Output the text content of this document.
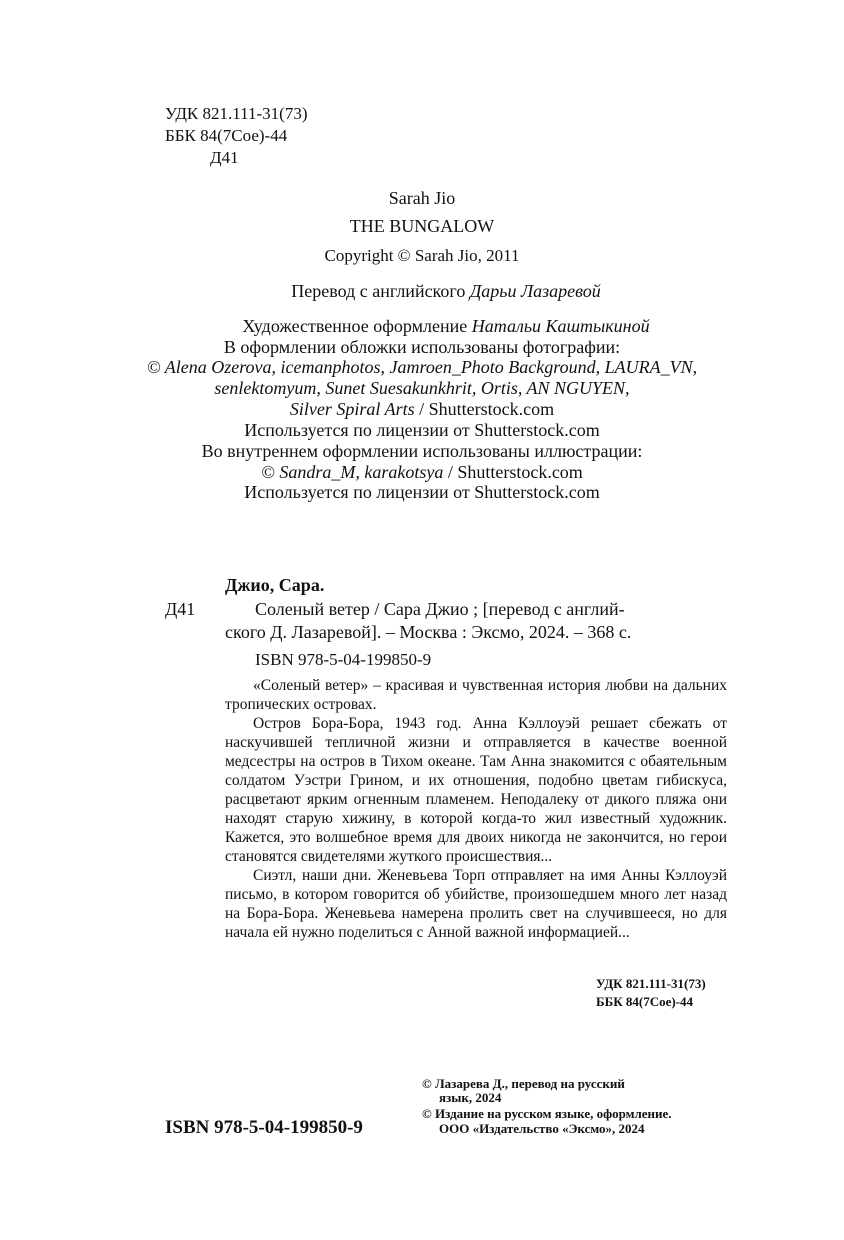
УДК 821.111-31(73)
ББК 84(7Сое)-44
Д41
Sarah Jio
THE BUNGALOW
Copyright © Sarah Jio, 2011
Перевод с английского Дарьи Лазаревой
Художественное оформление Натальи Каштыкиной
В оформлении обложки использованы фотографии:
© Alena Ozerova, icemanphotos, Jamroen_Photo Background, LAURA_VN,
senlektomyum, Sunet Suesakunkhrit, Ortis, AN NGUYEN,
Silver Spiral Arts / Shutterstock.com
Используется по лицензии от Shutterstock.com
Во внутреннем оформлении использованы иллюстрации:
© Sandra_M, karakotsya / Shutterstock.com
Используется по лицензии от Shutterstock.com
Джио, Сара.
Д41	Соленый ветер / Сара Джио ; [перевод с англий-
ского Д. Лазаревой]. – Москва : Эксмо, 2024. – 368 с.
ISBN 978-5-04-199850-9

«Соленый ветер» – красивая и чувственная история любви на дальних тропических островах.

Остров Бора-Бора, 1943 год. Анна Кэллоуэй решает сбежать от наскучившей тепличной жизни и отправляется в качестве военной медсестры на остров в Тихом океане. Там Анна знакомится с обаятельным солдатом Уэстри Грином, и их отношения, подобно цветам гибискуса, расцветают ярким огненным пламенем. Неподалеку от дикого пляжа они находят старую хижину, в которой когда-то жил известный художник. Кажется, это волшебное время для двоих никогда не закончится, но герои становятся свидетелями жуткого происшествия...

Сиэтл, наши дни. Женевьева Торп отправляет на имя Анны Кэллоуэй письмо, в котором говорится об убийстве, произошедшем много лет назад на Бора-Бора. Женевьева намерена пролить свет на случившееся, но для начала ей нужно поделиться с Анной важной информацией...

УДК 821.111-31(73)
ББК 84(7Сое)-44
ISBN 978-5-04-199850-9
© Лазарева Д., перевод на русский
язык, 2024
© Издание на русском языке, оформление.
ООО «Издательство «Эксмо», 2024
